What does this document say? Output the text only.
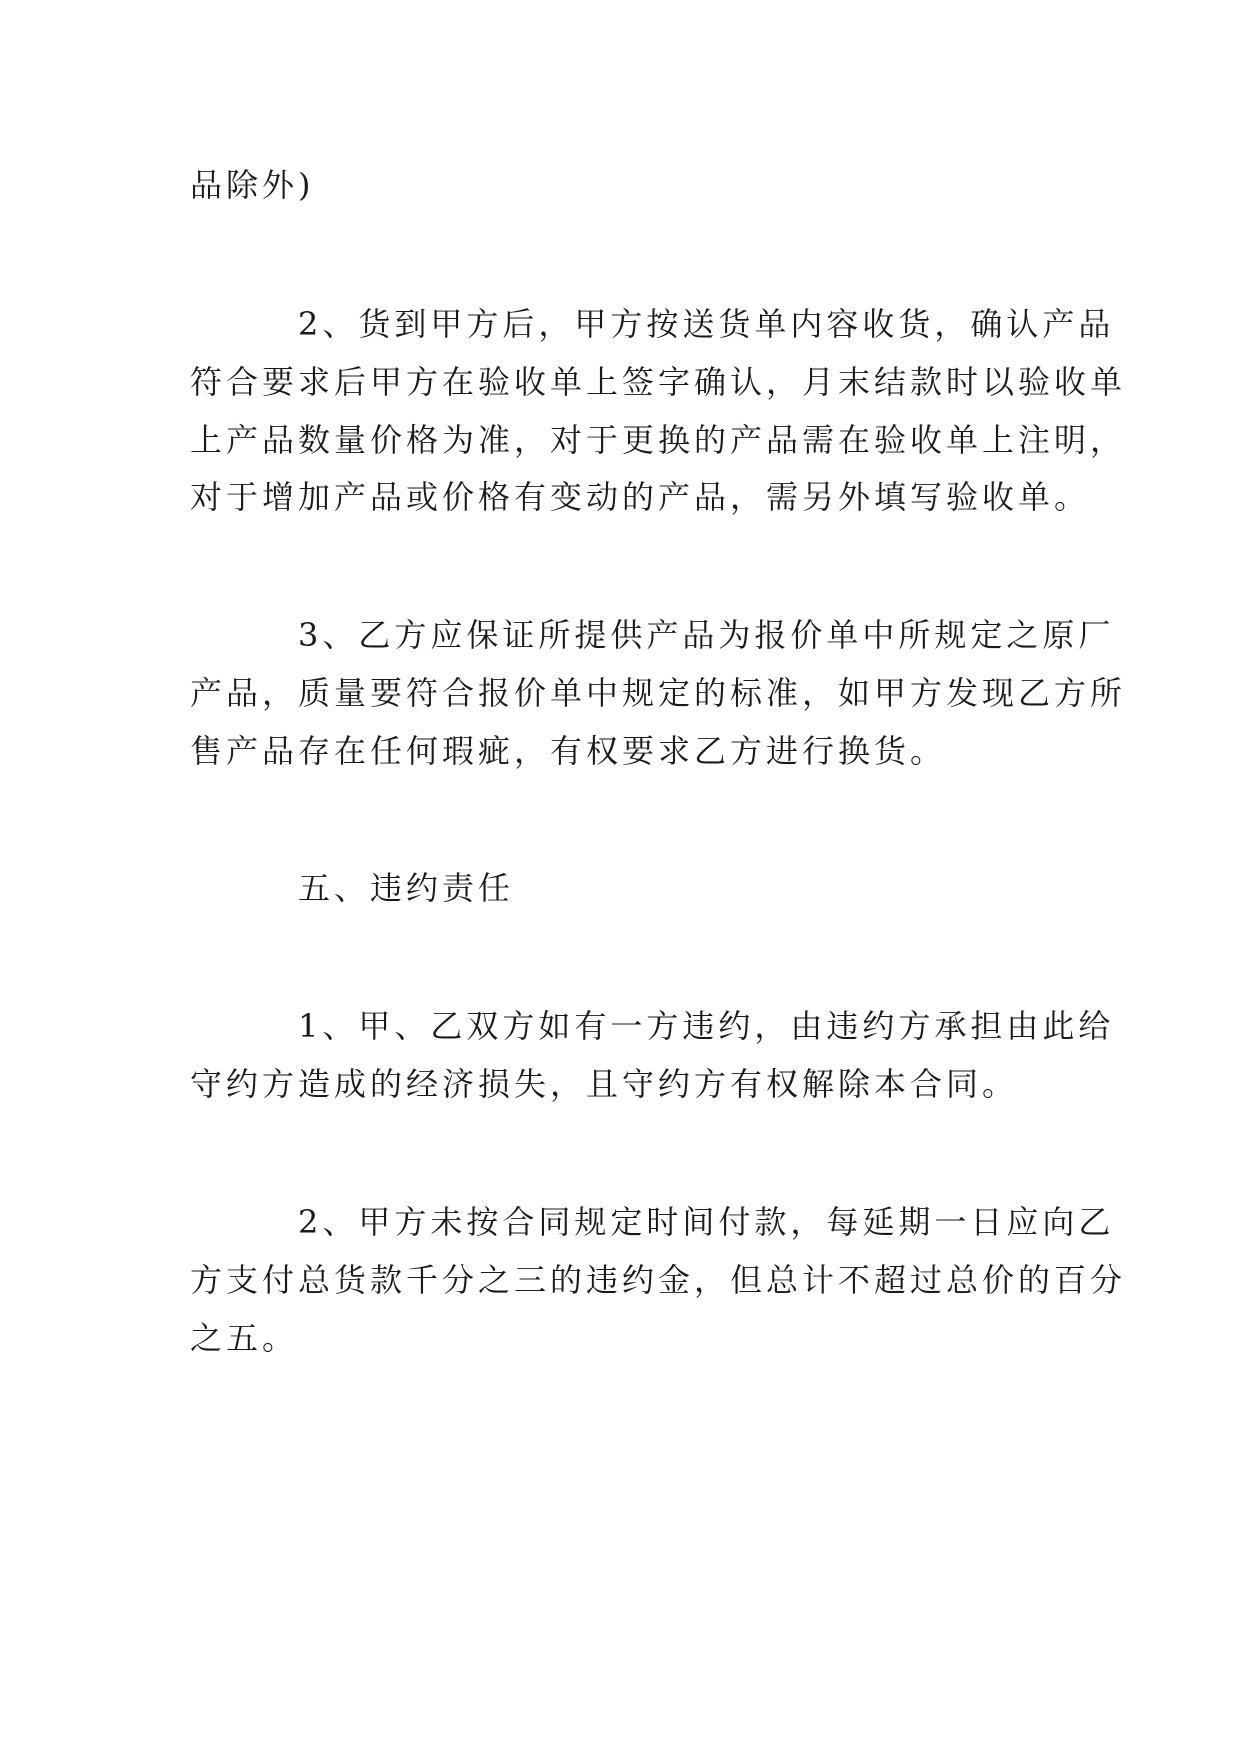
品除外)

2、货到甲方后，甲方按送货单内容收货，确认产品

符合要求后甲方在验收单上签字确认，月末结款时以验收单

上产品数量价格为准，对于更换的产品需在验收单上注明，

对于增加产品或价格有变动的产品，需另外填写验收单。

3、乙方应保证所提供产品为报价单中所规定之原厂

产品，质量要符合报价单中规定的标准，如甲方发现乙方所

售产品存在任何瑕疵，有权要求乙方进行换货。

五、违约责任

1、甲、乙双方如有一方违约，由违约方承担由此给

守约方造成的经济损失，且守约方有权解除本合同。

2、甲方未按合同规定时间付款，每延期一日应向乙

方支付总货款千分之三的违约金，但总计不超过总价的百分

之五。
